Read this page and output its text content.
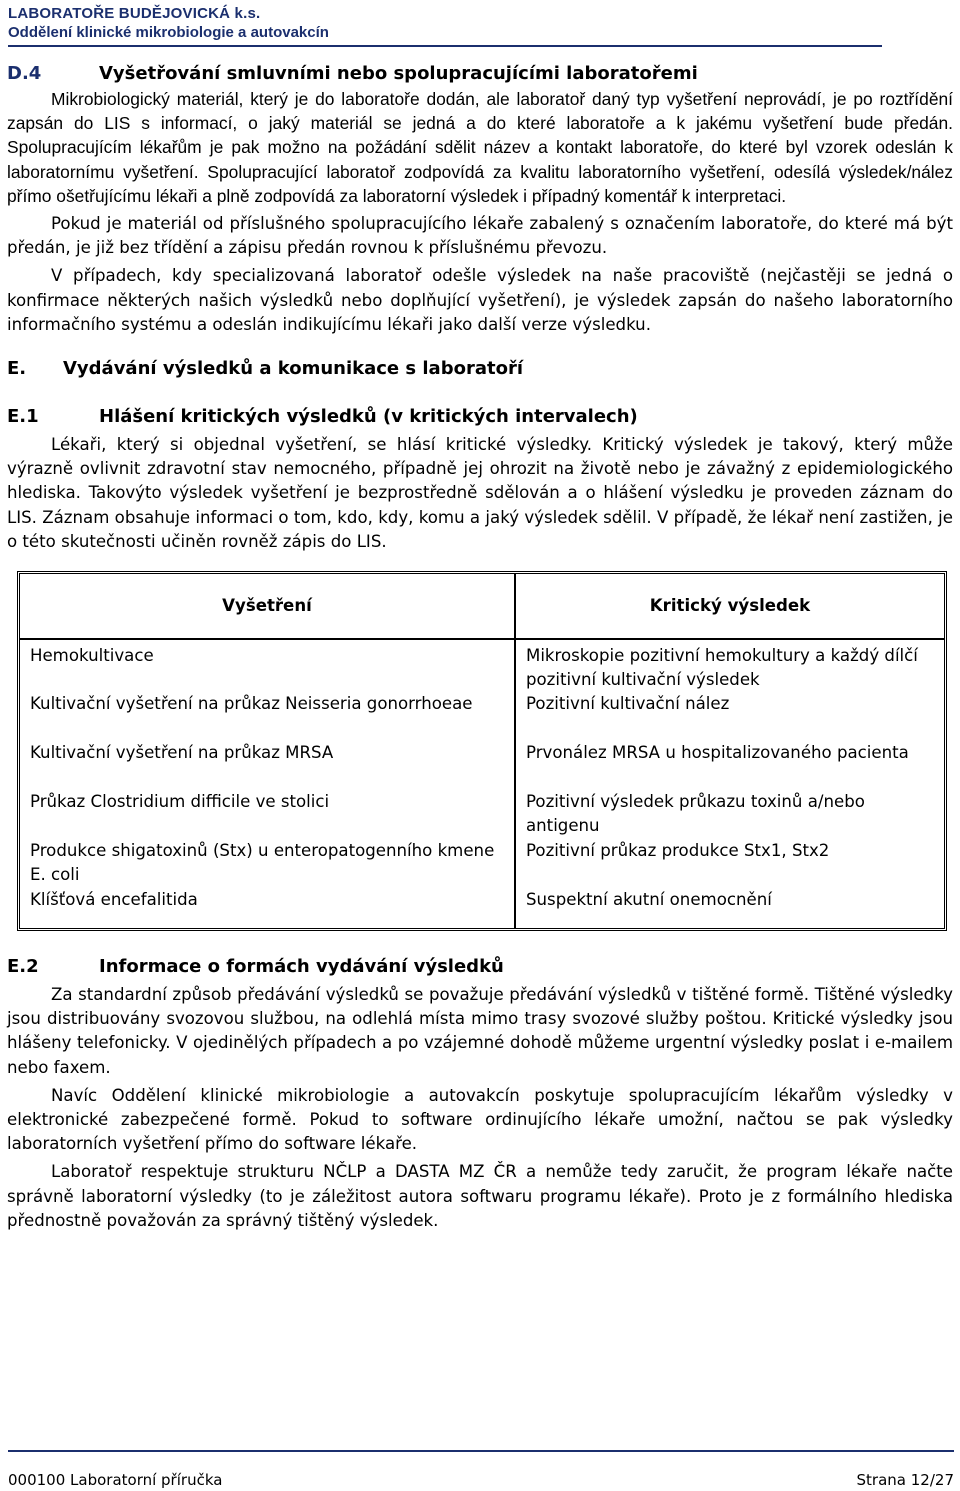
LABORATOŘE BUDĚJOVICKÁ k.s.
Oddělení klinické mikrobiologie a autovakcín
D.4	Vyšetřování smluvními nebo spolupracujícími laboratořemi

Mikrobiologický materiál, který je do laboratoře dodán, ale laboratoř daný typ vyšetření neprovádí, je po roztřídění zapsán do LIS s informací, o jaký materiál se jedná a do které laboratoře a k jakému vyšetření bude předán. Spolupracujícím lékařům je pak možno na požádání sdělit název a kontakt laboratoře, do které byl vzorek odeslán k laboratornímu vyšetření. Spolupracující laboratoř zodpovídá za kvalitu laboratorního vyšetření, odesílá výsledek/nález přímo ošetřujícímu lékaři a plně zodpovídá za laboratorní výsledek i případný komentář k interpretaci.

Pokud je materiál od příslušného spolupracujícího lékaře zabalený s označením laboratoře, do které má být předán, je již bez třídění a zápisu předán rovnou k příslušnému převozu.

V případech, kdy specializovaná laboratoř odešle výsledek na naše pracoviště (nejčastěji se jedná o konfirmace některých našich výsledků nebo doplňující vyšetření), je výsledek zapsán do našeho laboratorního informačního systému a odeslán indikujícímu lékaři jako další verze výsledku.

E. Vydávání výsledků a komunikace s laboratoří
E.1	Hlášení kritických výsledků (v kritických intervalech)

Lékaři, který si objednal vyšetření, se hlásí kritické výsledky. Kritický výsledek je takový, který může výrazně ovlivnit zdravotní stav nemocného, případně jej ohrozit na životě nebo je závažný z epidemiologického hlediska. Takovýto výsledek vyšetření je bezprostředně sdělován a o hlášení výsledku je proveden záznam do LIS. Záznam obsahuje informaci o tom, kdo, kdy, komu a jaký výsledek sdělil. V případě, že lékař není zastižen, je o této skutečnosti učiněn rovněž zápis do LIS.

Vyšetření	Kritický výsledek
Hemokultivace	Mikroskopie pozitivní hemokultury a každý dílčí pozitivní kultivační výsledek
Kultivační vyšetření na průkaz Neisseria gonorrhoeae	Pozitivní kultivační nález
Kultivační vyšetření na průkaz MRSA	Prvonález MRSA u hospitalizovaného pacienta
Průkaz Clostridium difficile ve stolici	Pozitivní výsledek průkazu toxinů a/nebo antigenu
Produkce shigatoxinů (Stx) u enteropatogenního kmene E. coli	Pozitivní průkaz produkce Stx1, Stx2
Klíšťová encefalitida	Suspektní akutní onemocnění
E.2	Informace o formách vydávání výsledků

Za standardní způsob předávání výsledků se považuje předávání výsledků v tištěné formě. Tištěné výsledky jsou distribuovány svozovou službou, na odlehlá místa mimo trasy svozové služby poštou. Kritické výsledky jsou hlášeny telefonicky. V ojedinělých případech a po vzájemné dohodě můžeme urgentní výsledky poslat i e-mailem nebo faxem.

Navíc Oddělení klinické mikrobiologie a autovakcín poskytuje spolupracujícím lékařům výsledky v elektronické zabezpečené formě. Pokud to software ordinujícího lékaře umožní, načtou se pak výsledky laboratorních vyšetření přímo do software lékaře.

Laboratoř respektuje strukturu NČLP a DASTA MZ ČR a nemůže tedy zaručit, že program lékaře načte správně laboratorní výsledky (to je záležitost autora softwaru programu lékaře). Proto je z formálního hlediska přednostně považován za správný tištěný výsledek.

000100 Laboratorní příručka	Strana 12/27
